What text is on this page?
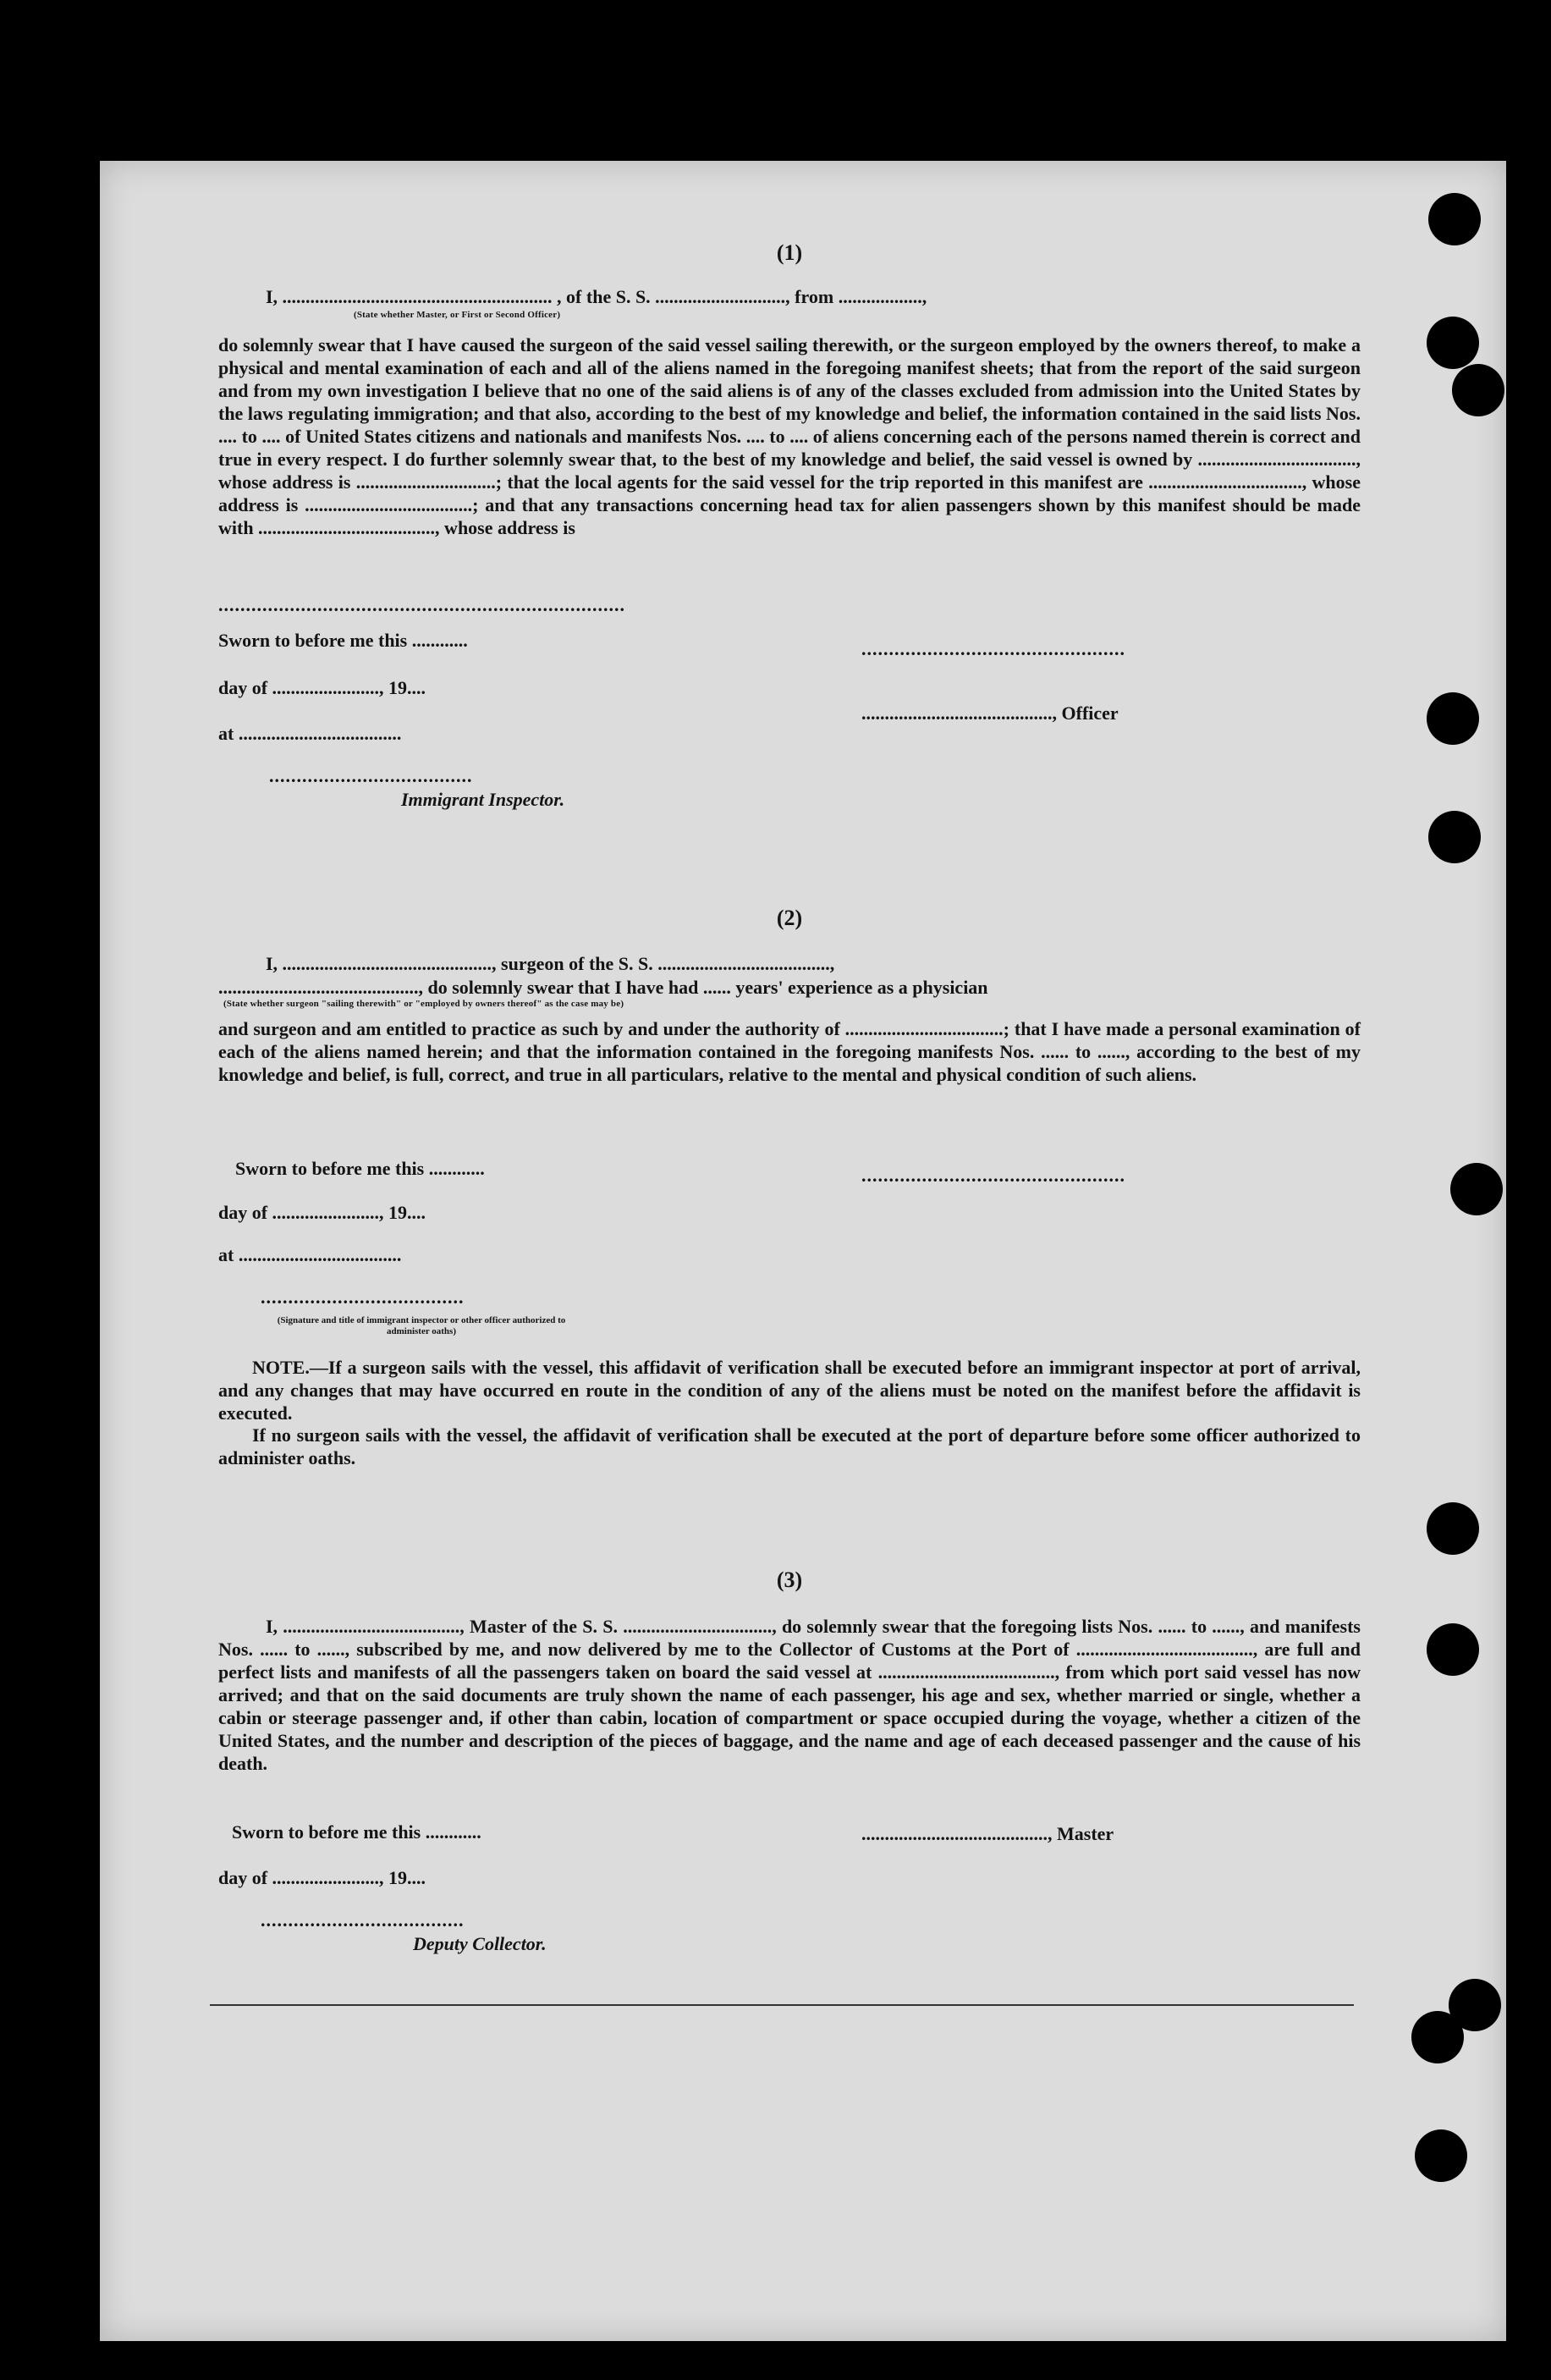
(1)
I, .......................................................... , of the S. S. ............................, from ..................,
(State whether Master, or First or Second Officer)
do solemnly swear that I have caused the surgeon of the said vessel sailing therewith, or the surgeon employed by the owners thereof, to make a physical and mental examination of each and all of the aliens named in the foregoing manifest sheets; that from the report of the said surgeon and from my own investigation I believe that no one of the said aliens is of any of the classes excluded from admission into the United States by the laws regulating immigration; and that also, according to the best of my knowledge and belief, the information contained in the said lists Nos. .... to .... of United States citizens and nationals and manifests Nos. .... to .... of aliens concerning each of the persons named therein is correct and true in every respect. I do further solemnly swear that, to the best of my knowledge and belief, the said vessel is owned by .................................., whose address is ..............................; that the local agents for the said vessel for the trip reported in this manifest are ................................., whose address is ....................................; and that any transactions concerning head tax for alien passengers shown by this manifest should be made with ......................................, whose address is
..........................................................................
Sworn to before me this ............	................................................
day of ......................., 19....
........................................., Officer
at ...................................
.....................................
Immigrant Inspector.
(2)
I, ............................................., surgeon of the S. S. .....................................,
..........................................., do solemnly swear that I have had ...... years' experience as a physician
(State whether surgeon "sailing therewith" or "employed by owners thereof" as the case may be)
and surgeon and am entitled to practice as such by and under the authority of ..................................; that I have made a personal examination of each of the aliens named herein; and that the information contained in the foregoing manifests Nos. ...... to ......, according to the best of my knowledge and belief, is full, correct, and true in all particulars, relative to the mental and physical condition of such aliens.
Sworn to before me this ............	................................................
day of ......................., 19....
at ...................................
.....................................
(Signature and title of immigrant inspector or other officer authorized to administer oaths)
NOTE.—If a surgeon sails with the vessel, this affidavit of verification shall be executed before an immigrant inspector at port of arrival, and any changes that may have occurred en route in the condition of any of the aliens must be noted on the manifest before the affidavit is executed.
If no surgeon sails with the vessel, the affidavit of verification shall be executed at the port of departure before some officer authorized to administer oaths.
(3)
I, ......................................, Master of the S. S. ................................, do solemnly swear that the foregoing lists Nos. ...... to ......, and manifests Nos. ...... to ......, subscribed by me, and now delivered by me to the Collector of Customs at the Port of ......................................, are full and perfect lists and manifests of all the passengers taken on board the said vessel at ......................................, from which port said vessel has now arrived; and that on the said documents are truly shown the name of each passenger, his age and sex, whether married or single, whether a cabin or steerage passenger and, if other than cabin, location of compartment or space occupied during the voyage, whether a citizen of the United States, and the number and description of the pieces of baggage, and the name and age of each deceased passenger and the cause of his death.
Sworn to before me this ............	........................................, Master
day of ......................., 19....
.....................................
Deputy Collector.
